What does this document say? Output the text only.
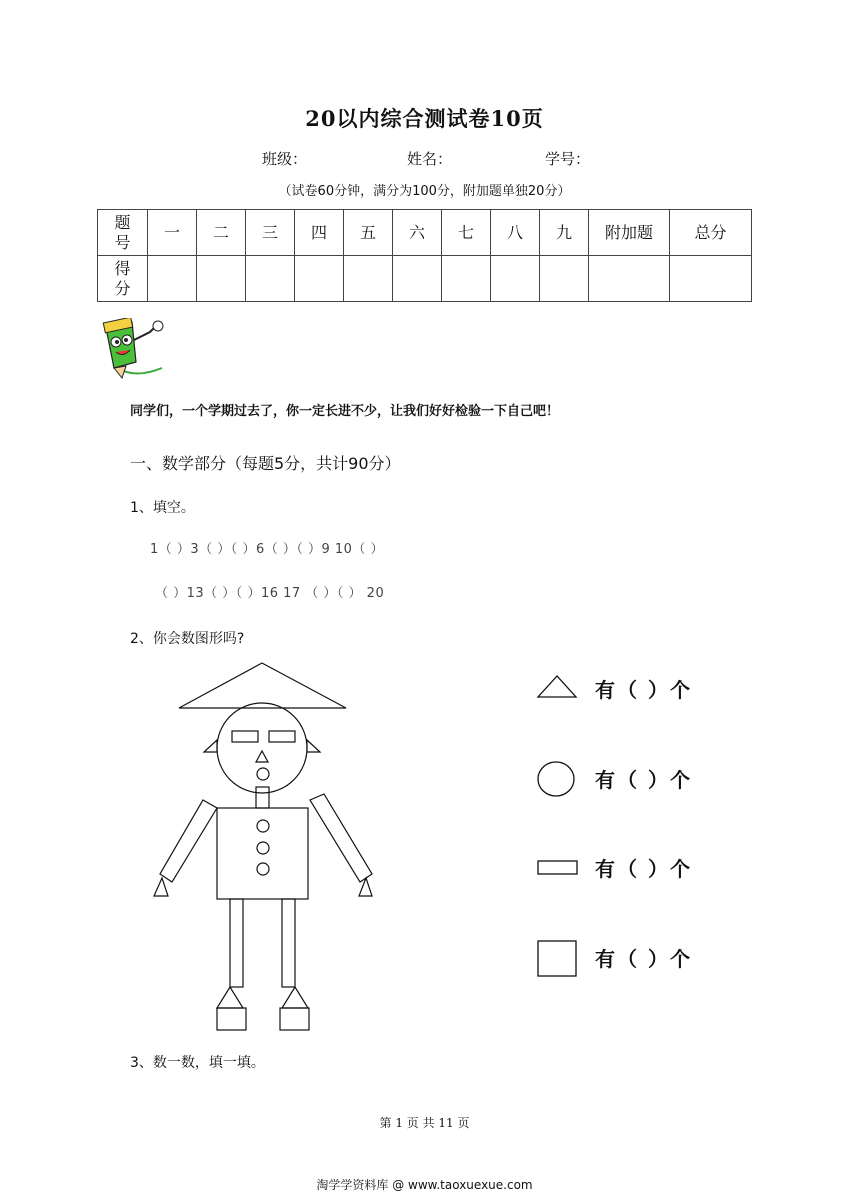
20以内综合测试卷10页
班级：	姓名：	学号：
（试卷60分钟，满分为100分，附加题单独20分）
题号	一	二	三	四	五	六	七	八	九	附加题	总分

得分											

同学们，一个学期过去了，你一定长进不少，让我们好好检验一下自己吧！
一、数学部分（每题5分，共计90分）
1、填空。
1（ ）3（ ）（ ）6（ ）（ ）9 10（ ）
（ ）13（ ）（ ）16 17 （ ）（ ） 20
2、你会数图形吗?
有（ ）个
有（ ）个
有（ ）个
有（ ）个
3、数一数，填一填。
第 1 页 共 11 页
淘学学资料库 @ www.taoxuexue.com
